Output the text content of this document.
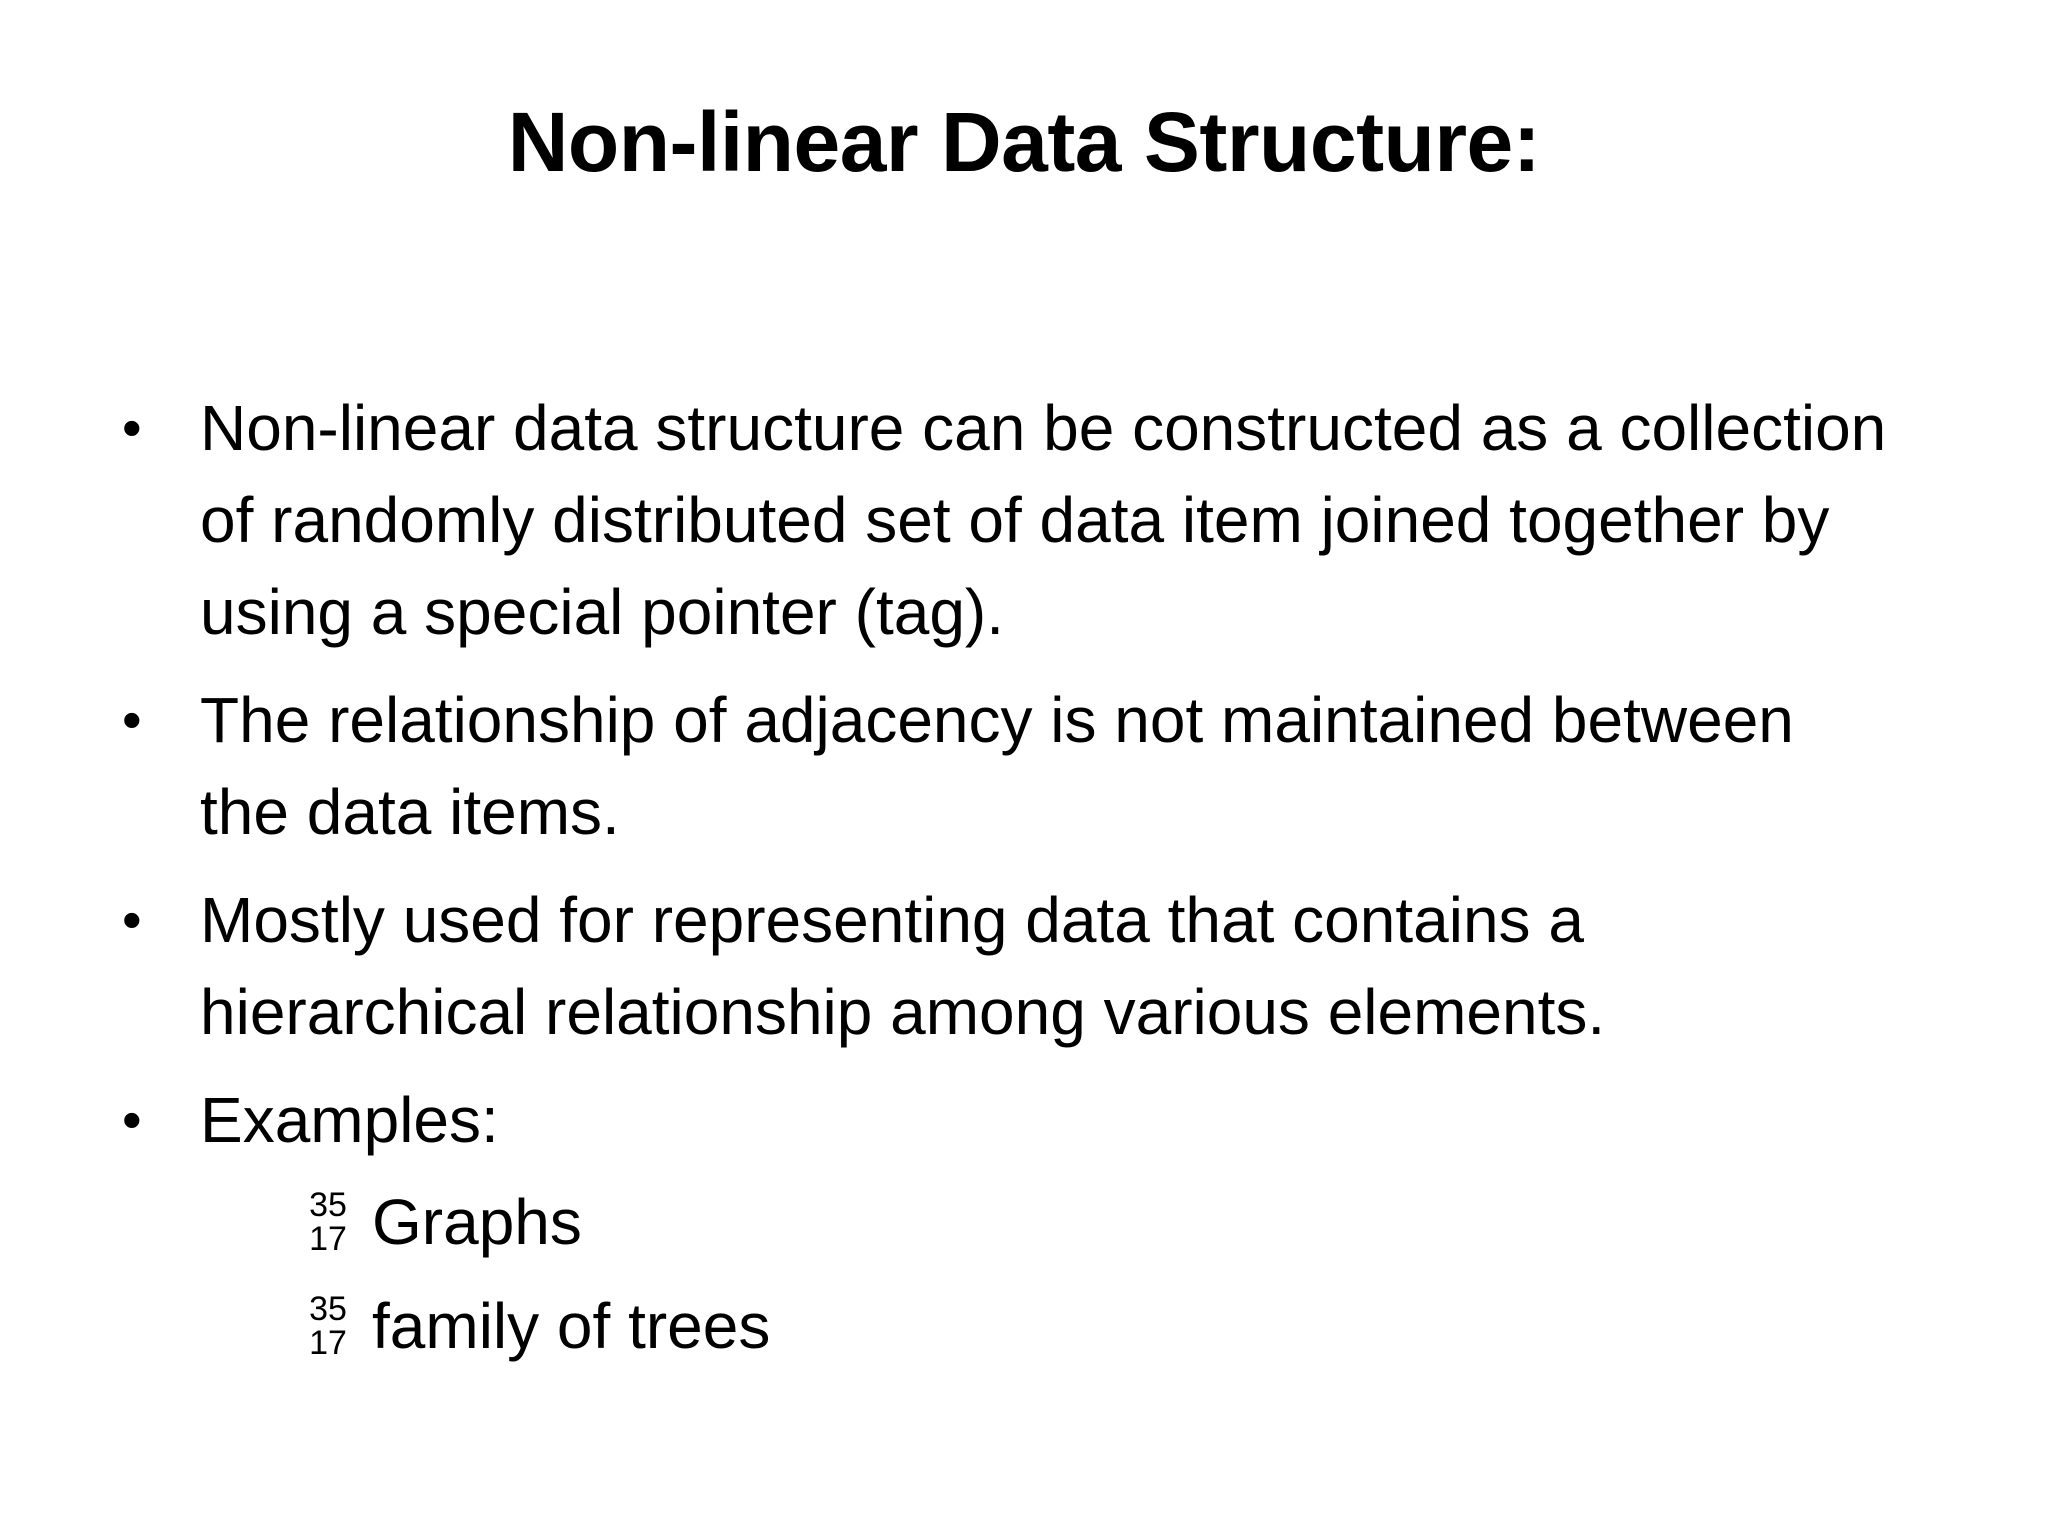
Non-linear Data Structure:
• Non-linear data structure can be constructed as a collection of randomly distributed set of data item joined together by using a special pointer (tag).
• The relationship of adjacency is not maintained between the data items.
• Mostly used for representing data that contains a hierarchical relationship among various elements.
• Examples:
35
17 Graphs
35
17 family of trees
